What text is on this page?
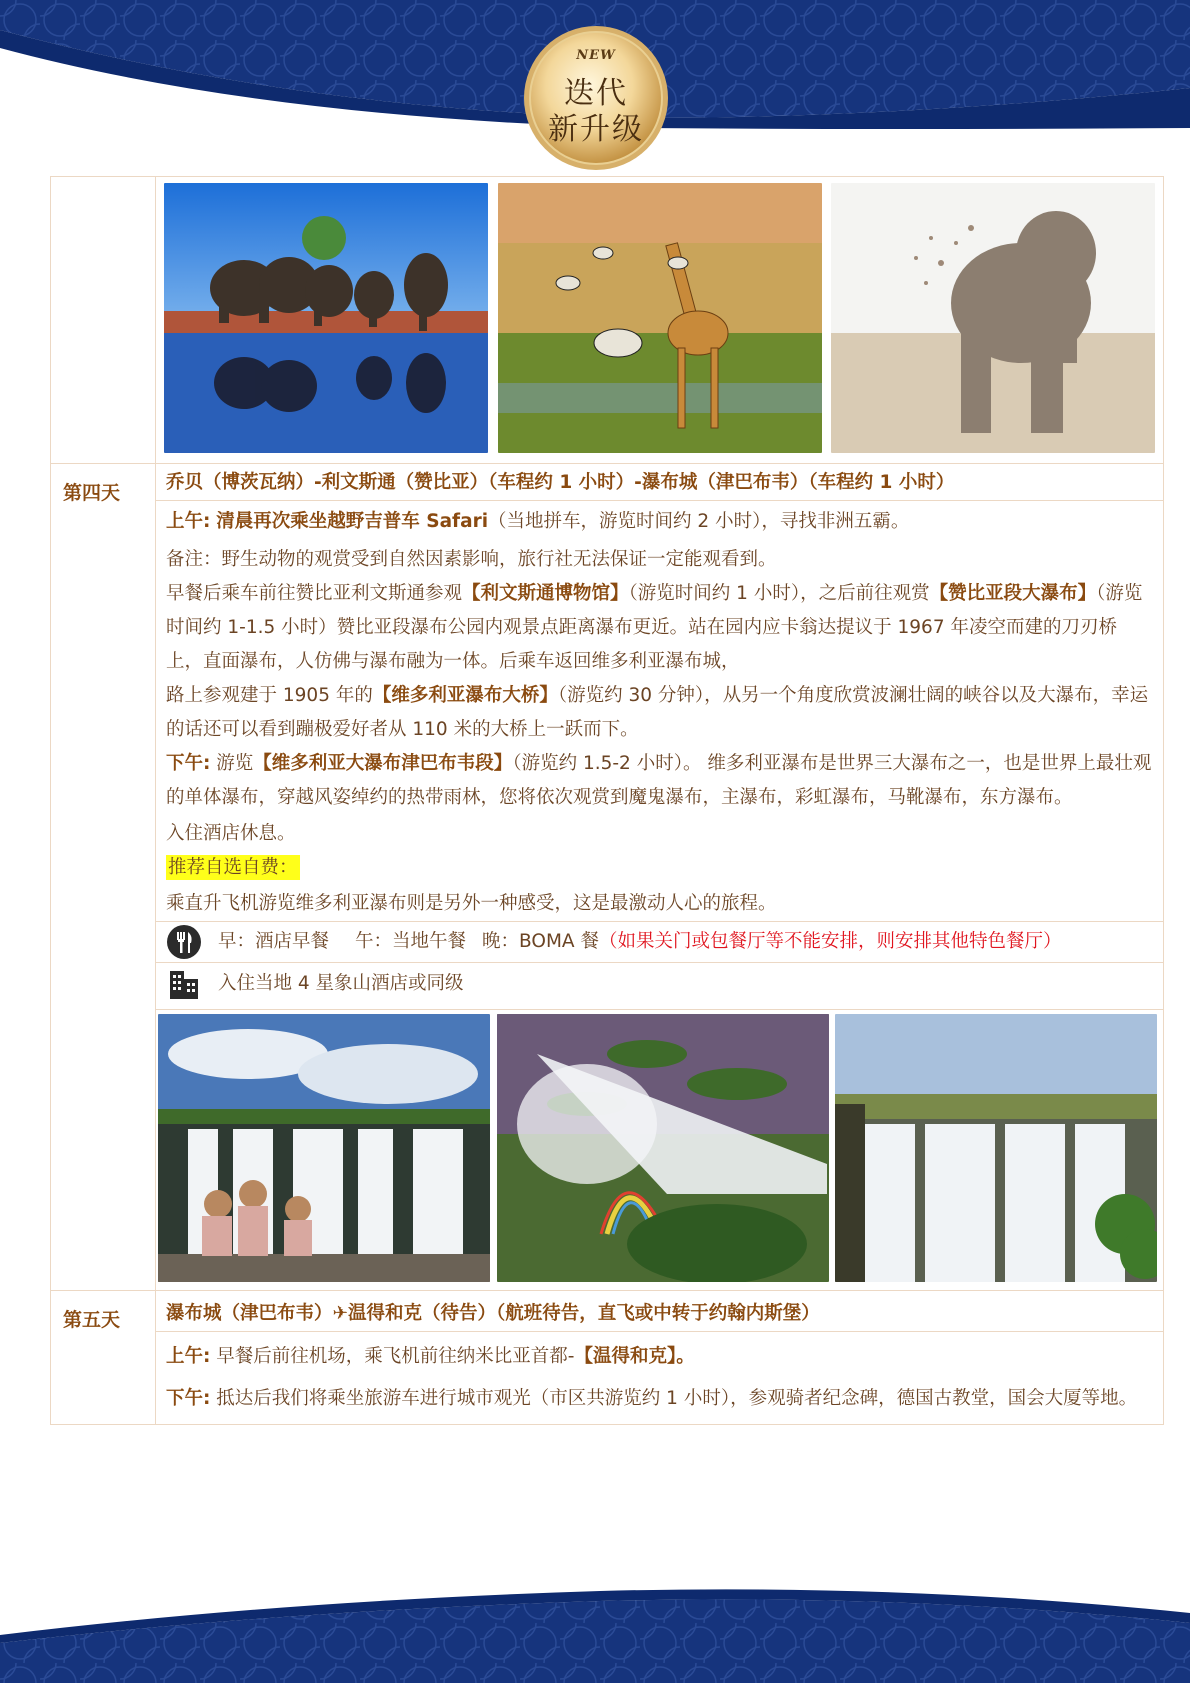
NEW
迭代
新升级
第四天	乔贝（博茨瓦纳）-利文斯通（赞比亚）（车程约 1 小时）-瀑布城（津巴布韦）（车程约 1 小时）
上午: 清晨再次乘坐越野吉普车 Safari（当地拼车，游览时间约 2 小时），寻找非洲五霸。
备注：野生动物的观赏受到自然因素影响，旅行社无法保证一定能观看到。
早餐后乘车前往赞比亚利文斯通参观【利文斯通博物馆】（游览时间约 1 小时），之后前往观赏【赞比亚段大瀑布】（游览时间约 1-1.5 小时）赞比亚段瀑布公园内观景点距离瀑布更近。站在园内应卡翁达提议于 1967 年凌空而建的刀刃桥上，直面瀑布，人仿佛与瀑布融为一体。后乘车返回维多利亚瀑布城，
路上参观建于 1905 年的【维多利亚瀑布大桥】（游览约 30 分钟），从另一个角度欣赏波澜壮阔的峡谷以及大瀑布，幸运的话还可以看到蹦极爱好者从 110 米的大桥上一跃而下。
下午: 游览【维多利亚大瀑布津巴布韦段】（游览约 1.5-2 小时）。 维多利亚瀑布是世界三大瀑布之一，也是世界上最壮观的单体瀑布，穿越风姿绰约的热带雨林，您将依次观赏到魔鬼瀑布，主瀑布，彩虹瀑布，马靴瀑布，东方瀑布。
入住酒店休息。
推荐自选自费：
乘直升飞机游览维多利亚瀑布则是另外一种感受，这是最激动人心的旅程。
早：酒店早餐 午：当地午餐 晚：BOMA 餐 （如果关门或包餐厅等不能安排，则安排其他特色餐厅）
入住当地 4 星象山酒店或同级
第五天	瀑布城（津巴布韦）✈温得和克（待告）（航班待告，直飞或中转于约翰内斯堡）
上午: 早餐后前往机场，乘飞机前往纳米比亚首都-【温得和克】。
下午: 抵达后我们将乘坐旅游车进行城市观光（市区共游览约 1 小时），参观骑者纪念碑，德国古教堂，国会大厦等地。
